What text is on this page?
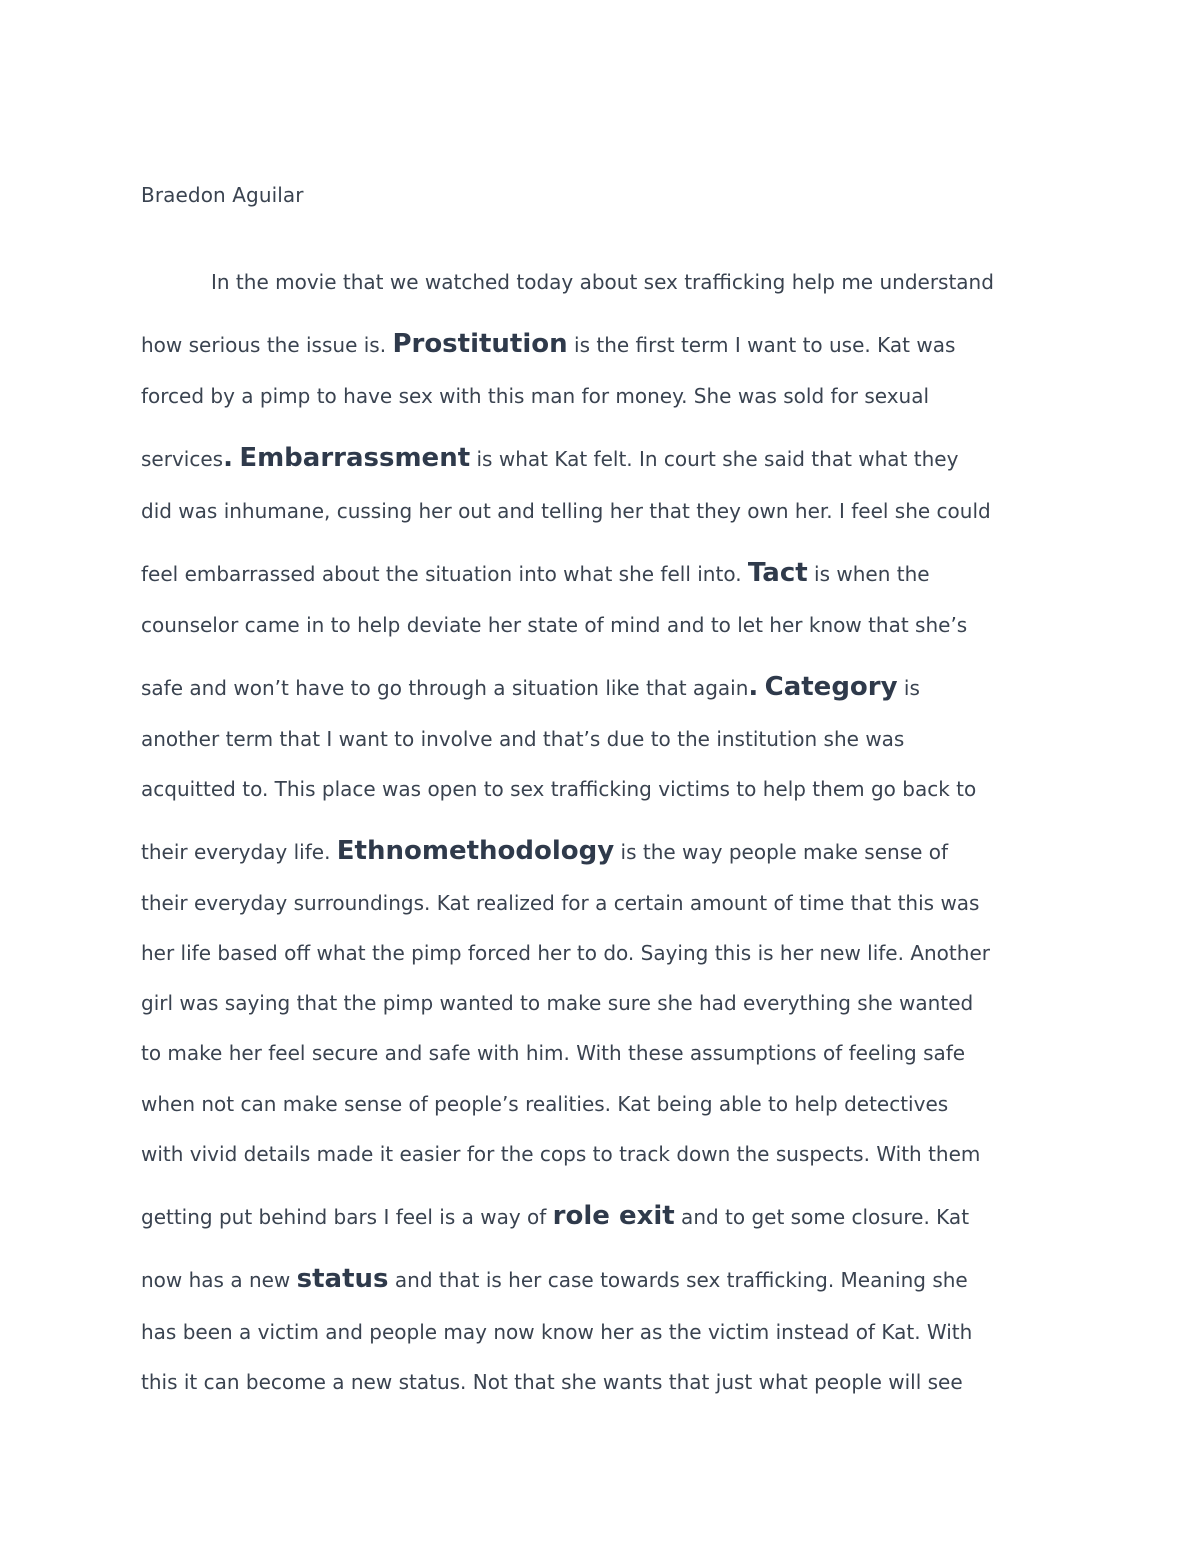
Braedon Aguilar

In the movie that we watched today about sex trafficking help me understand

how serious the issue is. Prostitution is the first term I want to use. Kat was

forced by a pimp to have sex with this man for money. She was sold for sexual

services. Embarrassment is what Kat felt. In court she said that what they

did was inhumane, cussing her out and telling her that they own her. I feel she could

feel embarrassed about the situation into what she fell into. Tact is when the

counselor came in to help deviate her state of mind and to let her know that she’s

safe and won’t have to go through a situation like that again. Category is

another term that I want to involve and that’s due to the institution she was

acquitted to. This place was open to sex trafficking victims to help them go back to

their everyday life. Ethnomethodology is the way people make sense of

their everyday surroundings. Kat realized for a certain amount of time that this was

her life based off what the pimp forced her to do. Saying this is her new life. Another

girl was saying that the pimp wanted to make sure she had everything she wanted

to make her feel secure and safe with him. With these assumptions of feeling safe

when not can make sense of people’s realities. Kat being able to help detectives

with vivid details made it easier for the cops to track down the suspects. With them

getting put behind bars I feel is a way of role exit and to get some closure. Kat

now has a new status and that is her case towards sex trafficking. Meaning she

has been a victim and people may now know her as the victim instead of Kat. With

this it can become a new status. Not that she wants that just what people will see
